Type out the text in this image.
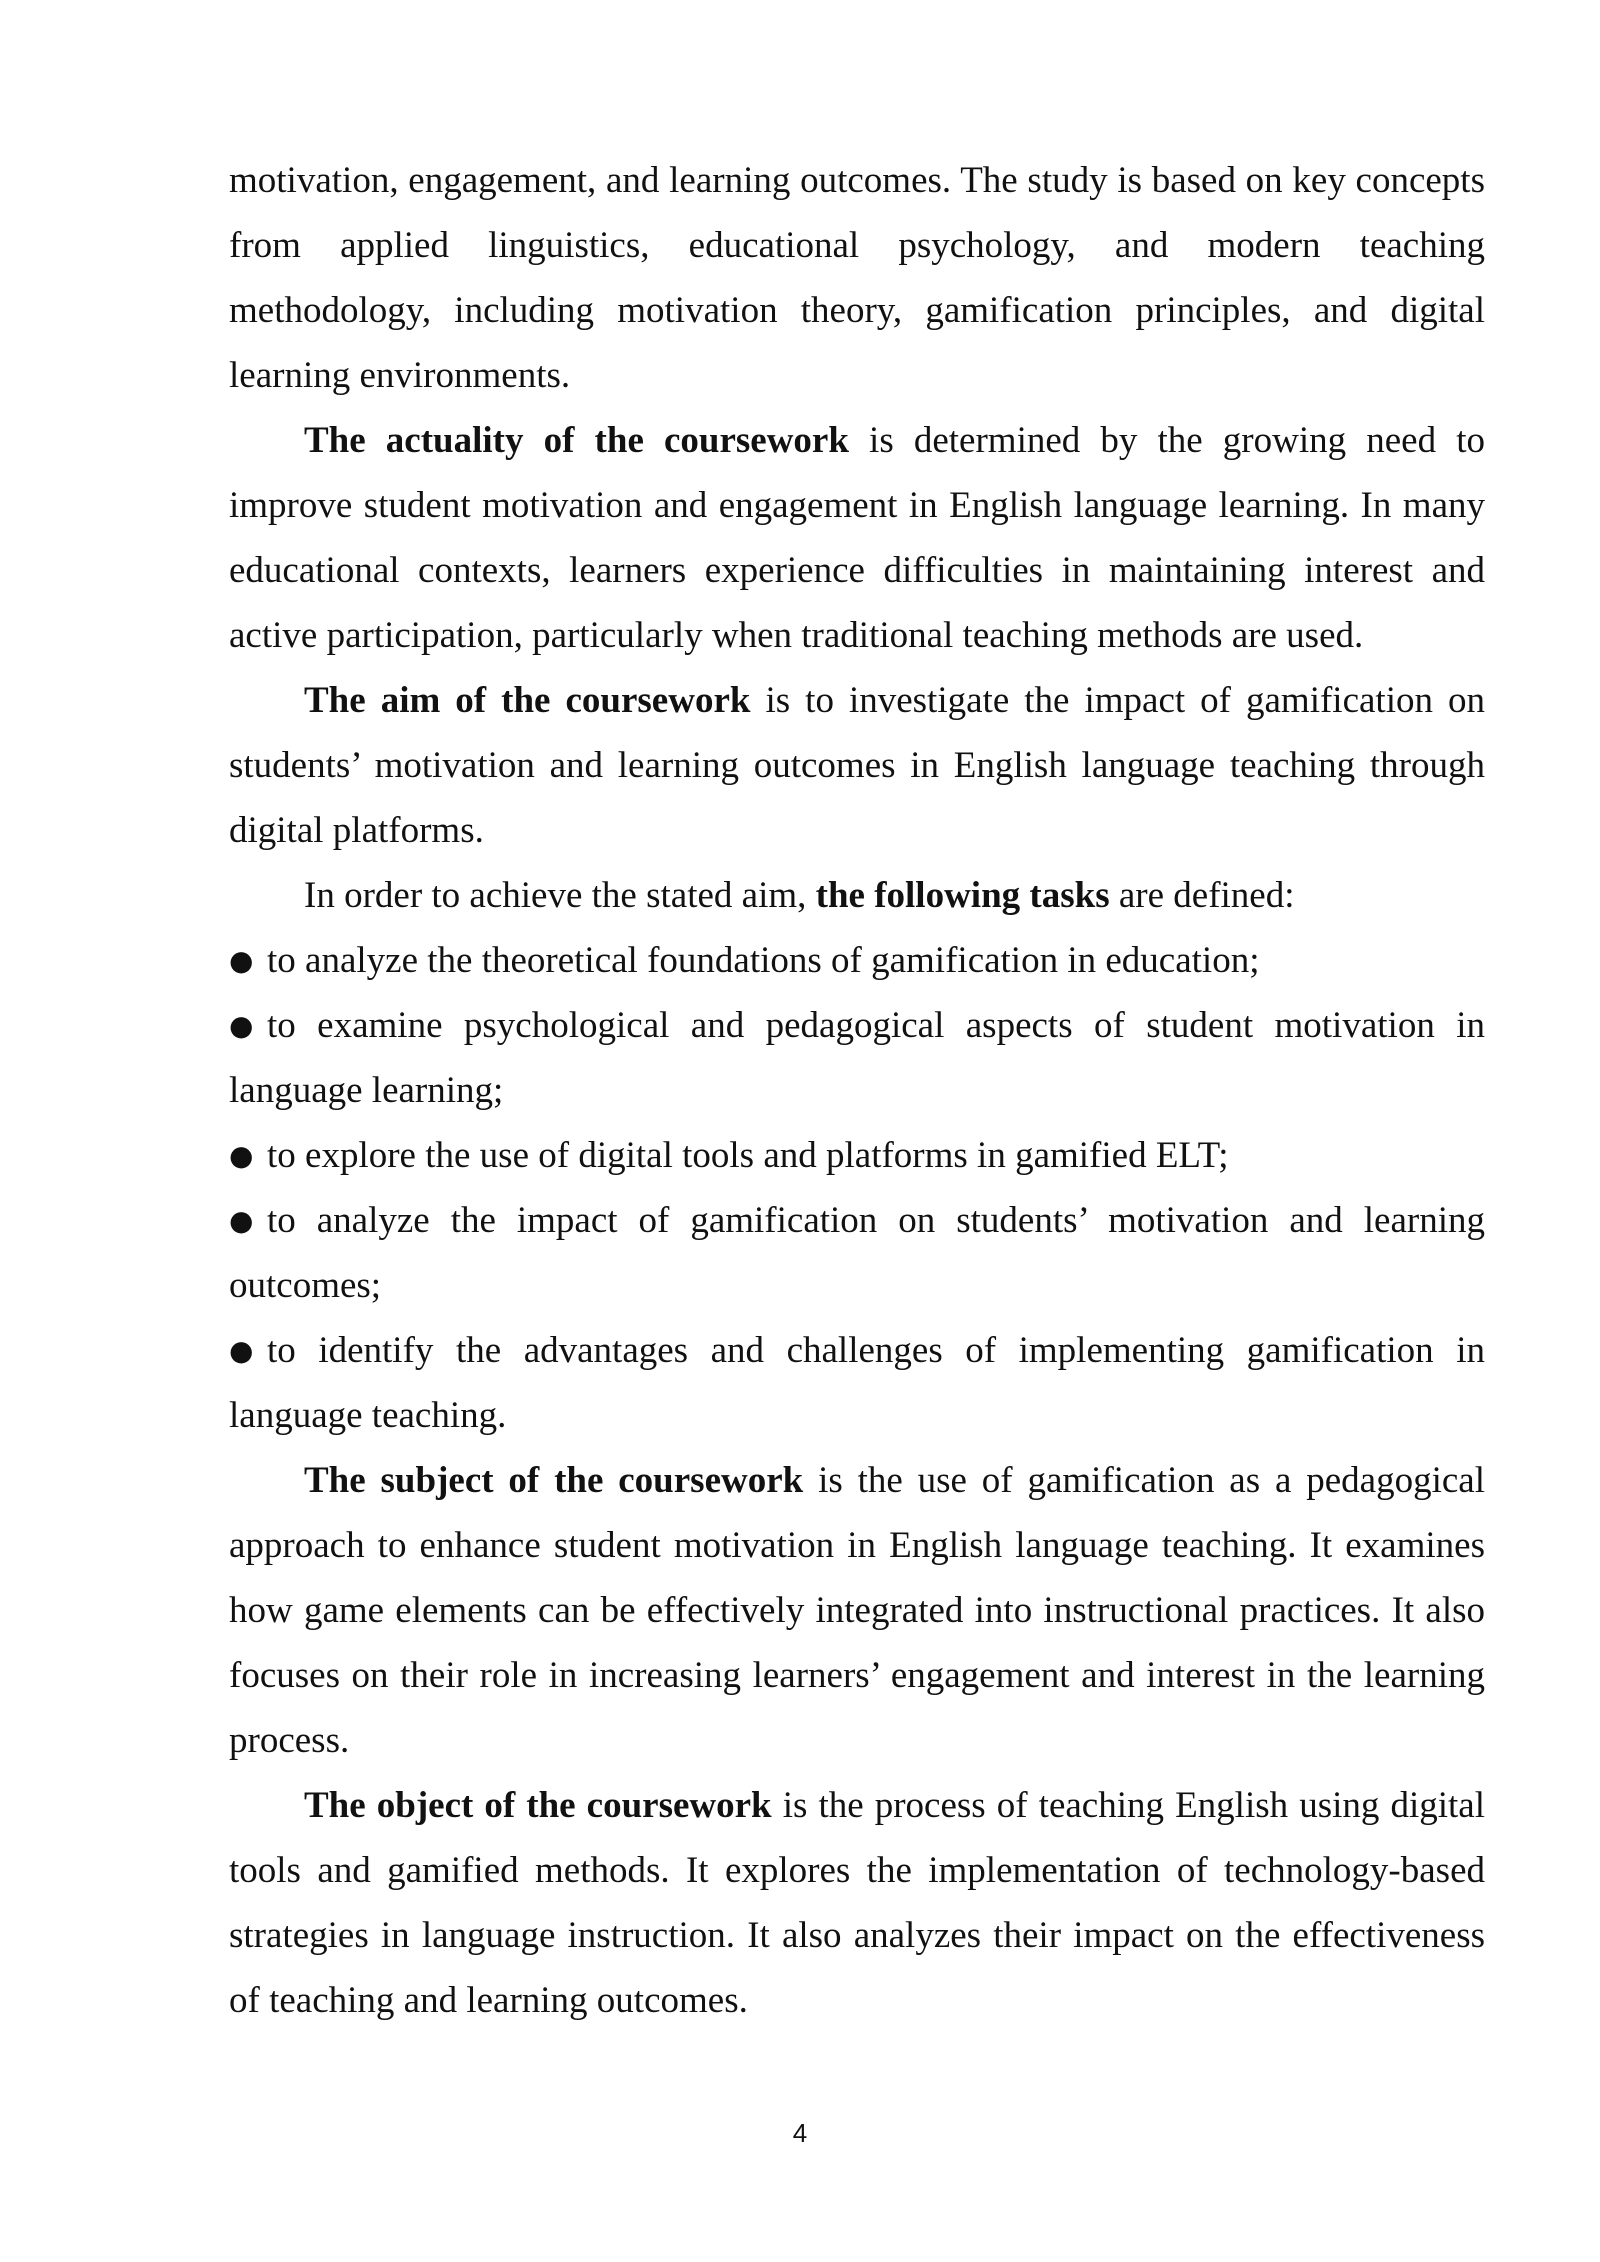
motivation, engagement, and learning outcomes. The study is based on key concepts from applied linguistics, educational psychology, and modern teaching methodology, including motivation theory, gamification principles, and digital learning environments.

The actuality of the coursework is determined by the growing need to improve student motivation and engagement in English language learning. In many educational contexts, learners experience difficulties in maintaining interest and active participation, particularly when traditional teaching methods are used.

The aim of the coursework is to investigate the impact of gamification on students’ motivation and learning outcomes in English language teaching through digital platforms.

In order to achieve the stated aim, the following tasks are defined:

● to analyze the theoretical foundations of gamification in education;

● to examine psychological and pedagogical aspects of student motivation in language learning;

● to explore the use of digital tools and platforms in gamified ELT;

● to analyze the impact of gamification on students’ motivation and learning outcomes;

● to identify the advantages and challenges of implementing gamification in language teaching.

The subject of the coursework is the use of gamification as a pedagogical approach to enhance student motivation in English language teaching. It examines how game elements can be effectively integrated into instructional practices. It also focuses on their role in increasing learners’ engagement and interest in the learning process.

The object of the coursework is the process of teaching English using digital tools and gamified methods. It explores the implementation of technology-based strategies in language instruction. It also analyzes their impact on the effectiveness of teaching and learning outcomes.

4
